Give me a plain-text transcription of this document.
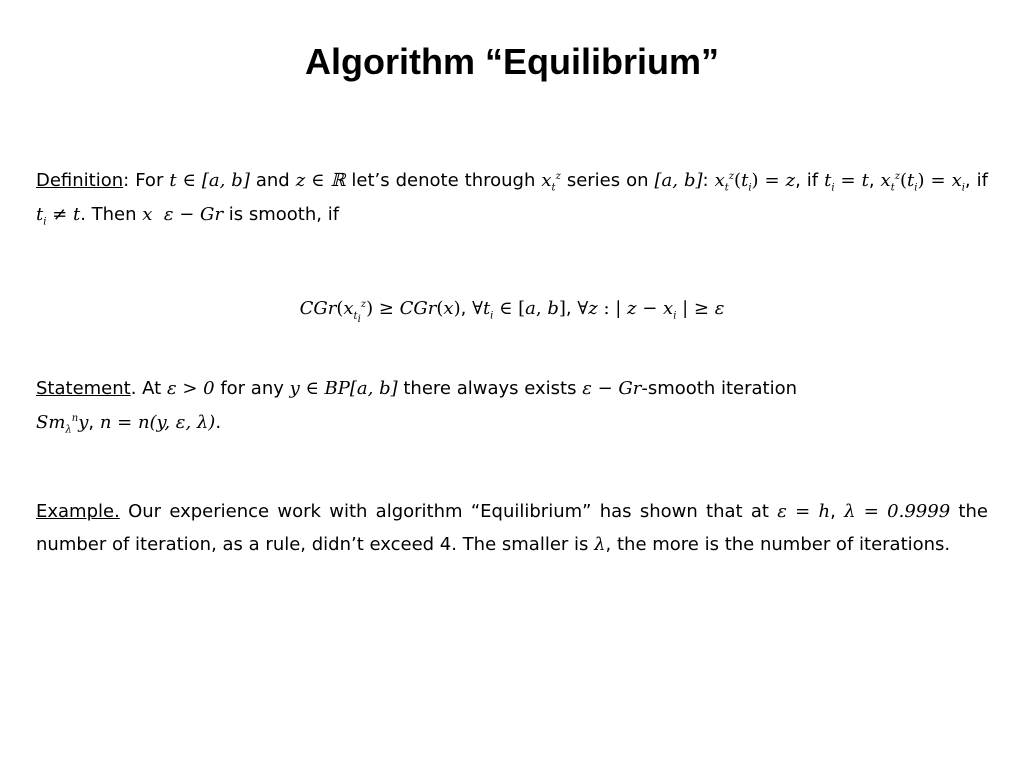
Algorithm “Equilibrium”
Definition: For t ∈ [a, b] and z ∈ ℝ let’s denote through $x_t^z$ series on [a, b]: $x_t^z(t_i) = z$, if $t_i = t$, $x_t^z(t_i) = x_i$, if $t_i \ne t$. Then x ε − Gr is smooth, if
$CGr(x_{t_i}^z) \ge CGr(x)$, $\forall t_i$ ∈ [a, b], ∀z : | $z - x_i$ | ≥ ε
Statement. At ε > 0 for any y ∈ BP[a, b] there always exists ε − Gr-smooth iteration
$Sm_\lambda^ny$, n = n(y, ε, λ).
Example. Our experience work with algorithm “Equilibrium” has shown that at ε = h, λ = 0.9999 the number of iteration, as a rule, didn’t exceed 4. The smaller is λ, the more is the number of iterations.
